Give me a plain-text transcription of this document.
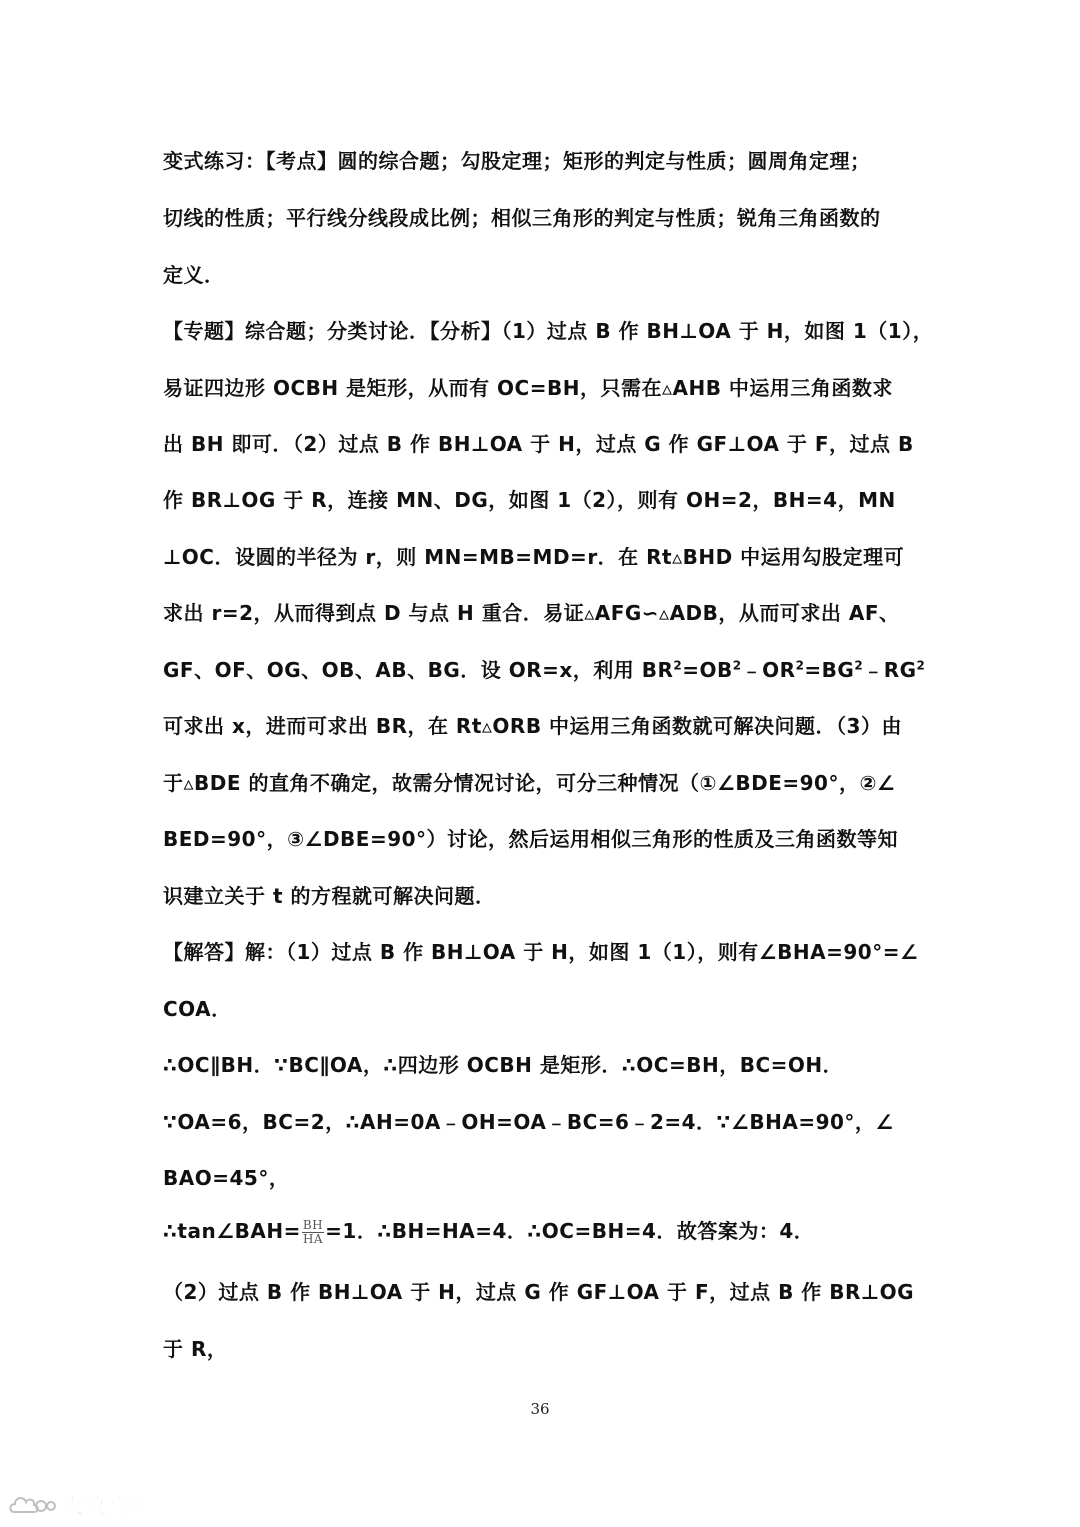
变式练习：【考点】圆的综合题；勾股定理；矩形的判定与性质；圆周角定理；
切线的性质；平行线分线段成比例；相似三角形的判定与性质；锐角三角函数的
定义．
【专题】综合题；分类讨论．【分析】（1）过点 B 作 BH⊥OA 于 H，如图 1（1），
易证四边形 OCBH 是矩形，从而有 OC=BH，只需在▵AHB 中运用三角函数求
出 BH 即可．（2）过点 B 作 BH⊥OA 于 H，过点 G 作 GF⊥OA 于 F，过点 B
作 BR⊥OG 于 R，连接 MN、DG，如图 1（2），则有 OH=2，BH=4，MN
⊥OC．设圆的半径为 r，则 MN=MB=MD=r．在 Rt▵BHD 中运用勾股定理可
求出 r=2，从而得到点 D 与点 H 重合．易证▵AFG∽▵ADB，从而可求出 AF、
GF、OF、OG、OB、AB、BG．设 OR=x，利用 $BR^2=OB^2﹣OR^2=BG^2﹣RG^2$
可求出 x，进而可求出 BR，在 Rt▵ORB 中运用三角函数就可解决问题．（3）由
于▵BDE 的直角不确定，故需分情况讨论，可分三种情况（①∠BDE=90°，②∠
BED=90°，③∠DBE=90°）讨论，然后运用相似三角形的性质及三角函数等知
识建立关于 t 的方程就可解决问题．
【解答】解：（1）过点 B 作 BH⊥OA 于 H，如图 1（1），则有∠BHA=90°=∠
COA．
∴OC∥BH．∵BC∥OA，∴四边形 OCBH 是矩形．∴OC=BH，BC=OH．
∵OA=6，BC=2，∴AH=0A﹣OH=OA﹣BC=6﹣2=4．∵∠BHA=90°，∠
BAO=45°，
∴tan∠BAH= $\frac{BH}{HA} =1$．∴BH=HA=4．∴OC=BH=4．故答案为：4．
（2）过点 B 作 BH⊥OA 于 H，过点 G 作 GF⊥OA 于 F，过点 B 作 BR⊥OG
于 R，
36
大数跨境
